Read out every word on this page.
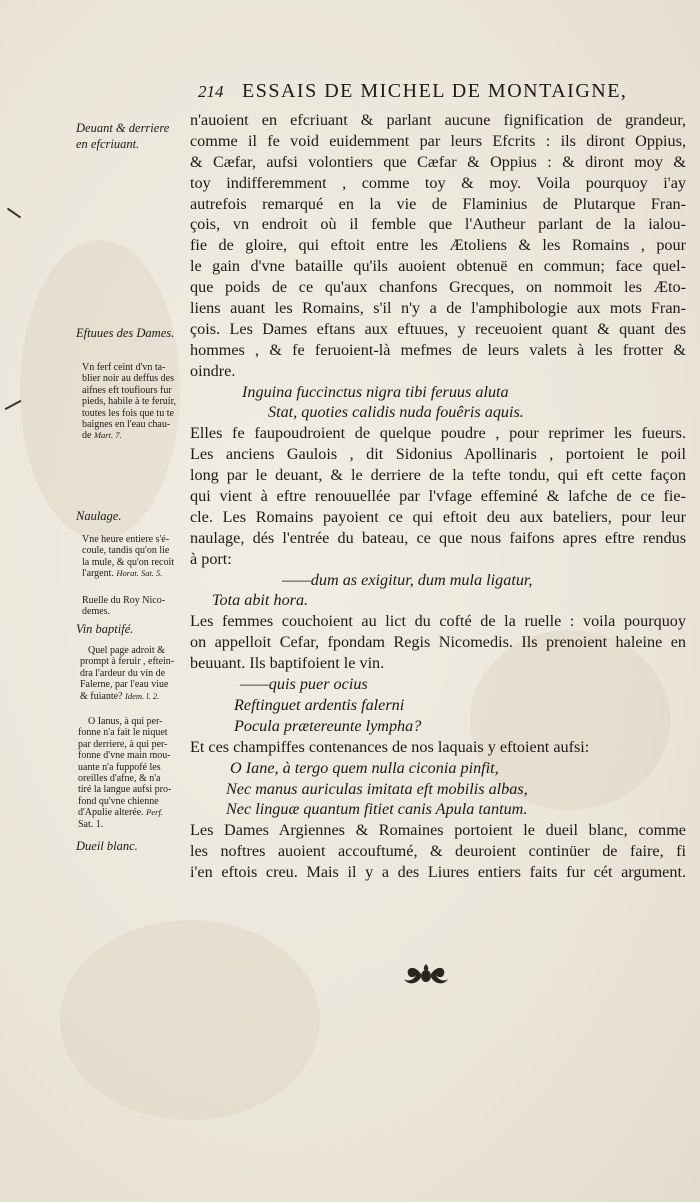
214 ESSAIS DE MICHEL DE MONTAIGNE,
n'auoient en efcriuant & parlant aucune fignification de grandeur,
comme il fe void euidemment par leurs Efcrits : ils diront Oppius,
& Cæfar, aufsi volontiers que Cæfar & Oppius : & diront moy &
toy indifferemment , comme toy & moy. Voila pourquoy i'ay
autrefois remarqué en la vie de Flaminius de Plutarque Fran-
çois, vn endroit où il femble que l'Autheur parlant de la ialou-
fie de gloire, qui eftoit entre les Ætoliens & les Romains , pour
le gain d'vne bataille qu'ils auoient obtenuë en commun; face quel-
que poids de ce qu'aux chanfons Grecques, on nommoit les Æto-
liens auant les Romains, s'il n'y a de l'amphibologie aux mots Fran-
çois. Les Dames eftans aux eftuues, y receuoient quant & quant des
hommes , & fe feruoient-là mefmes de leurs valets à les frotter &
oindre.
Inguina fuccinctus nigra tibi feruus aluta
Stat, quoties calidis nuda fouêris aquis.
Elles fe faupoudroient de quelque poudre , pour reprimer les fueurs.
Les anciens Gaulois , dit Sidonius Apollinaris , portoient le poil
long par le deuant, & le derriere de la tefte tondu, qui eft cette façon
qui vient à eftre renouuellée par l'vfage effeminé & lafche de ce fie-
cle. Les Romains payoient ce qui eftoit deu aux bateliers, pour leur
naulage, dés l'entrée du bateau, ce que nous faifons apres eftre rendus
à port:
——dum as exigitur, dum mula ligatur,
Tota abit hora.
Les femmes couchoient au lict du cofté de la ruelle : voila pourquoy
on appelloit Cefar, fpondam Regis Nicomedis. Ils prenoient haleine en
beuuant. Ils baptifoient le vin.
——quis puer ocius
Reftinguet ardentis falerni
Pocula prætereunte lympha?
Et ces champiffes contenances de nos laquais y eftoient aufsi:
O Iane, à tergo quem nulla ciconia pinfit,
Nec manus auriculas imitata eft mobilis albas,
Nec linguæ quantum fitiet canis Apula tantum.
Les Dames Argiennes & Romaines portoient le dueil blanc, comme
les noftres auoient accouftumé, & deuroient continüer de faire, fi
i'en eftois creu. Mais il y a des Liures entiers faits fur cét argument.
Deuant & derriere
en efcriuant.
Eftuues des Dames.
Vn ferf ceint d'vn ta-
blier noir au deffus des
aifnes eft toufiours fur
pieds, habile à te feruir,
toutes les fois que tu te
baignes en l'eau chau-
de Mart. 7.
Naulage.
Vne heure entiere s'é-
coule, tandis qu'on lie
la mule, & qu'on recoit
l'argent. Horat. Sat. 5.
Ruelle du Roy Nico-
demes.
Vin baptifé.
Quel page adroit &
prompt à feruir , eftein-
dra l'ardeur du vin de
Falerne, par l'eau viue
& fuiante? Idem. l. 2.
O Ianus, à qui per-
fonne n'a fait le niquet
par derriere, à qui per-
fonne d'vne main mou-
uante n'a fuppofé les
oreilles d'afne, & n'a
tiré la langue aufsi pro-
fond qu'vne chienne
d'Apulie alterée. Perf.
Sat. 1.
Dueil blanc.
